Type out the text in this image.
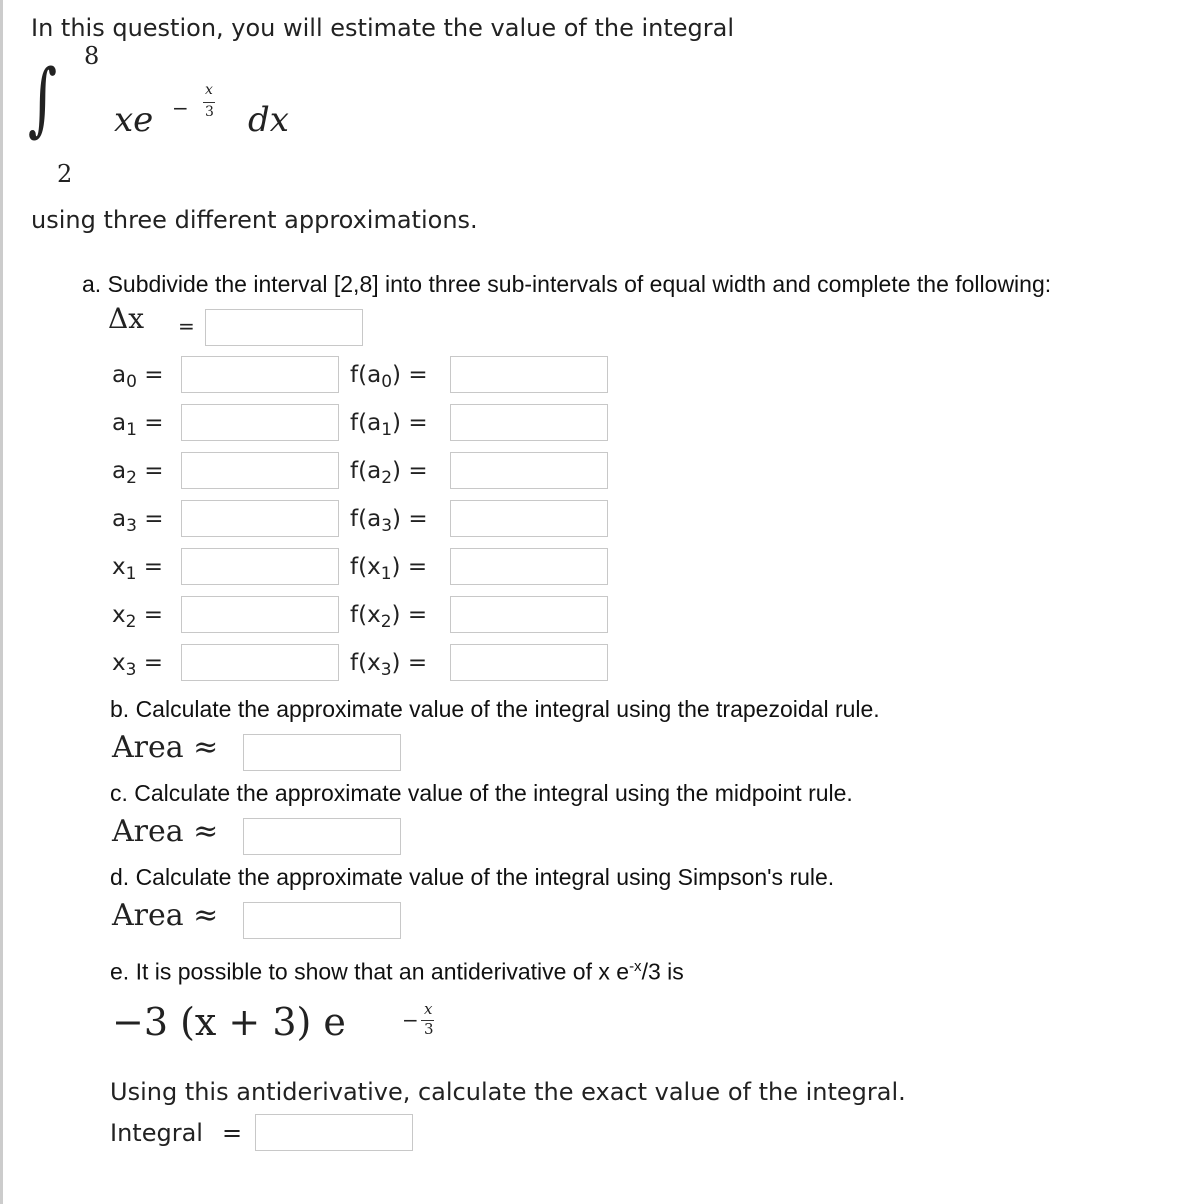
In this question, you will estimate the value of the integral
∫ 8
2
xe −
x
3 dx
using three different approximations.
a. Subdivide the interval [2,8] into three sub-intervals of equal width and complete the following:
Δx =
$a_0$ =	$f(a_0)$ =
$a_1$ =	$f(a_1)$ =
$a_2$ =	$f(a_2)$ =
$a_3$ =	$f(a_3)$ =
$x_1$ =	$f(x_1)$ =
$x_2$ =	$f(x_2)$ =
$x_3$ =	$f(x_3)$ =
b. Calculate the approximate value of the integral using the trapezoidal rule.
Area ≈
c. Calculate the approximate value of the integral using the midpoint rule.
Area ≈
d. Calculate the approximate value of the integral using Simpson's rule.
Area ≈
e. It is possible to show that an antiderivative of x $e^{-x}/3$ is
−3 (x + 3) e	x
3
−
Using this antiderivative, calculate the exact value of the integral.
Integral =
